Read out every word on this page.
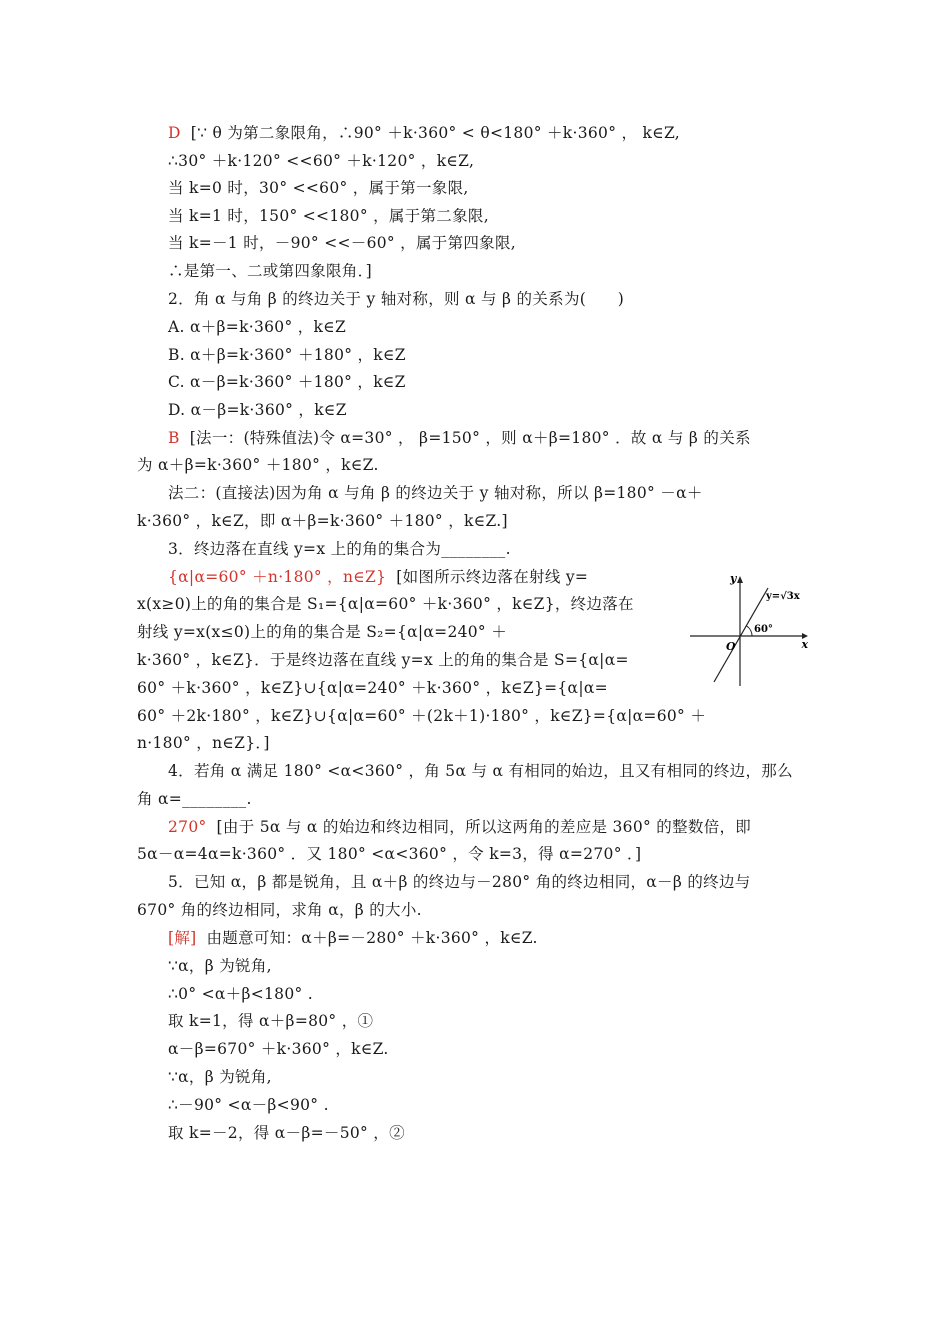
D [∵ θ 为第二象限角，∴90° ＋k·360° < θ<180° ＋k·360° ， k∈Z,
∴30° ＋k·120° <<60° ＋k·120° ，k∈Z,
当 k=0 时，30° <<60° ，属于第一象限,
当 k=1 时，150° <<180° ，属于第二象限,
当 k=－1 时，－90° <<－60° ，属于第四象限,
∴是第一、二或第四象限角．]
2．角 α 与角 β 的终边关于 y 轴对称，则 α 与 β 的关系为(　　)
A. α＋β=k·360° ，k∈Z
B. α＋β=k·360° ＋180° ，k∈Z
C. α－β=k·360° ＋180° ，k∈Z
D. α－β=k·360° ，k∈Z
B [法一：(特殊值法)令 α=30° ， β=150° ，则 α＋β=180° ．故 α 与 β 的关系
为 α＋β=k·360° ＋180° ，k∈Z.
法二：(直接法)因为角 α 与角 β 的终边关于 y 轴对称，所以 β=180° －α＋
k·360° ，k∈Z，即 α＋β=k·360° ＋180° ，k∈Z.]
3．终边落在直线 y=x 上的角的集合为________.
{α|α=60° ＋n·180° ，n∈Z} [如图所示终边落在射线 y=
x(x≥0)上的角的集合是 S₁={α|α=60° ＋k·360° ，k∈Z}，终边落在
射线 y=x(x≤0)上的角的集合是 S₂={α|α=240° ＋
k·360° ，k∈Z}．于是终边落在直线 y=x 上的角的集合是 S={α|α=
60° ＋k·360° ，k∈Z}∪{α|α=240° ＋k·360° ，k∈Z}={α|α=
60° ＋2k·180° ，k∈Z}∪{α|α=60° ＋(2k＋1)·180° ，k∈Z}={α|α=60° ＋
n·180° ，n∈Z}．]
4．若角 α 满足 180° <α<360° ，角 5α 与 α 有相同的始边，且又有相同的终边，那么
角 α=________.
270° [由于 5α 与 α 的始边和终边相同，所以这两角的差应是 360° 的整数倍，即
5α－α=4α=k·360° ．又 180° <α<360° ，令 k=3，得 α=270° ．]
5．已知 α，β 都是锐角，且 α＋β 的终边与－280° 角的终边相同，α－β 的终边与
670° 角的终边相同，求角 α，β 的大小.
[解] 由题意可知：α＋β=－280° ＋k·360° ，k∈Z.
∵α，β 为锐角,
∴0° <α＋β<180° .
取 k=1，得 α＋β=80° ，①
α－β=670° ＋k·360° ，k∈Z.
∵α，β 为锐角,
∴－90° <α－β<90° .
取 k=－2，得 α－β=－50° ，②
x
y
O
y=√3x
60°
